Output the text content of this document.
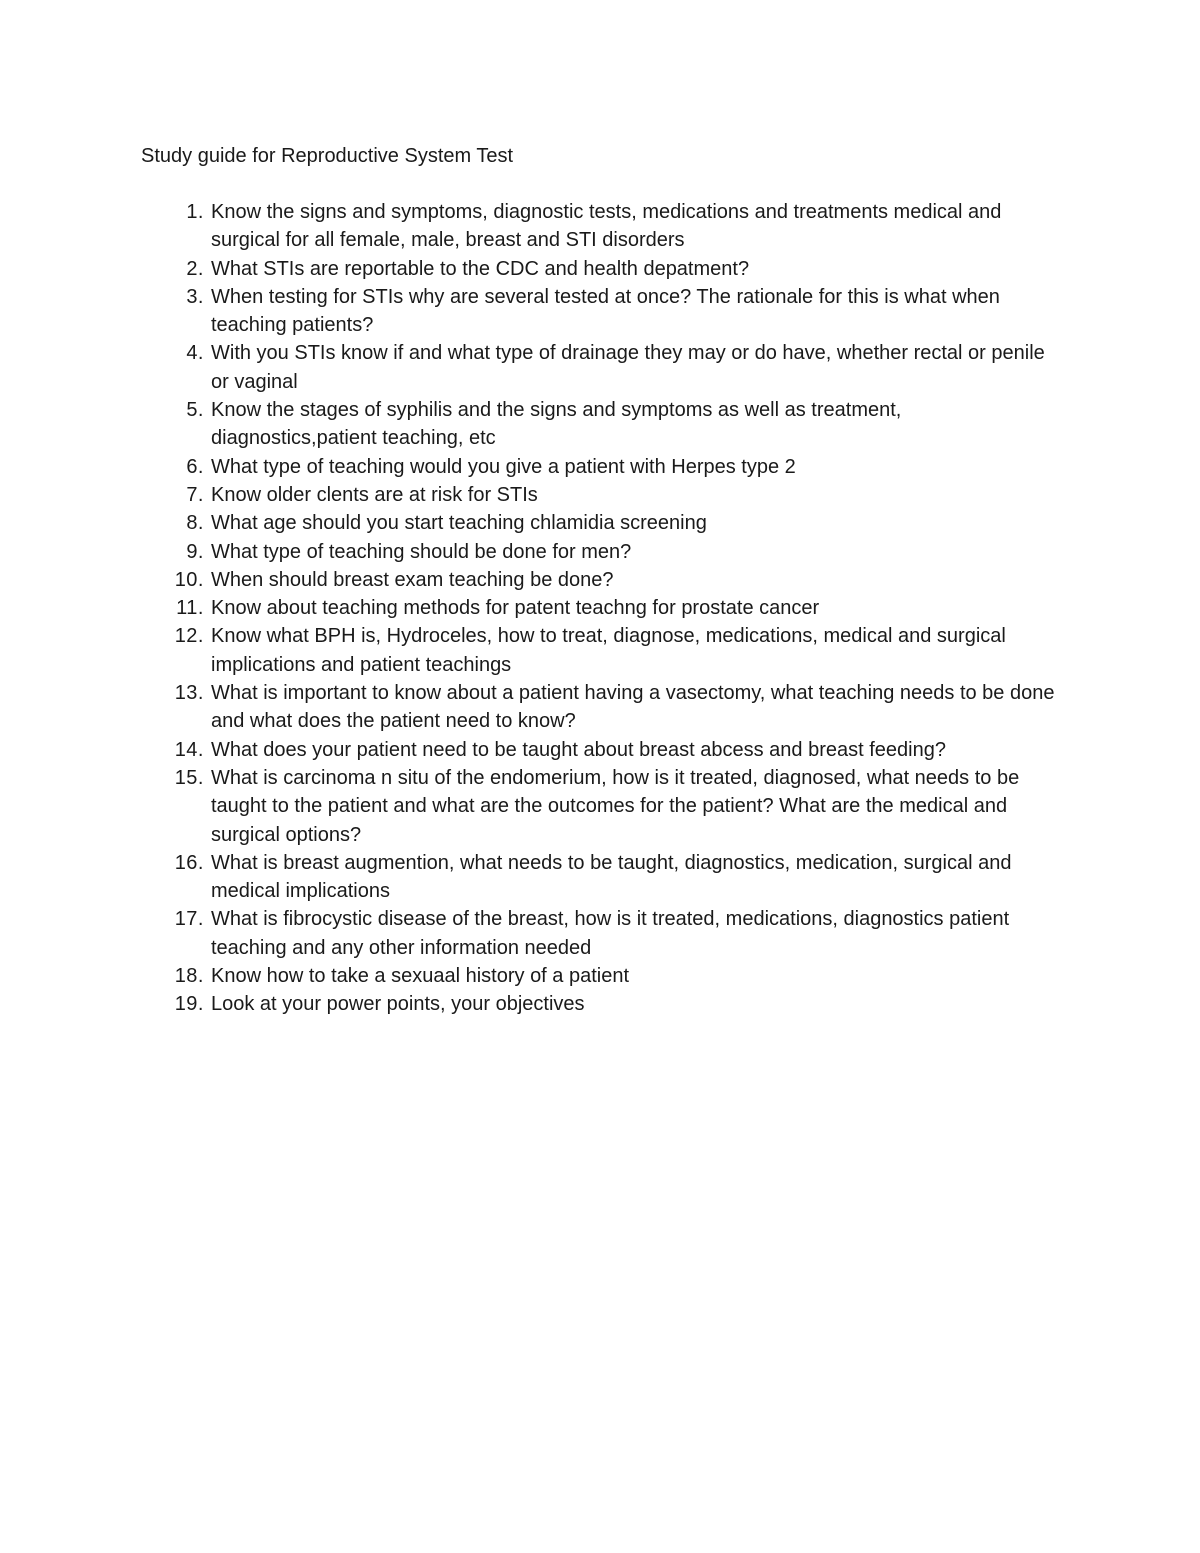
Study guide for Reproductive System Test
1. Know the signs and symptoms, diagnostic tests, medications and treatments medical and surgical for all female, male, breast and STI disorders
2. What STIs are reportable to the CDC and health depatment?
3. When testing for STIs why are several tested at once? The rationale for this is what when teaching patients?
4. With you STIs know if and what type of drainage they may or do have, whether rectal or penile or vaginal
5. Know the stages of syphilis and the signs and symptoms as well as treatment, diagnostics,patient teaching, etc
6. What type of teaching would you give a patient with Herpes type 2
7. Know older clents are at risk for STIs
8. What age should you start teaching chlamidia screening
9. What type of teaching should be done for men?
10. When should breast exam teaching be done?
11. Know about teaching methods for patent teachng for prostate cancer
12. Know what BPH is, Hydroceles, how to treat, diagnose, medications, medical and surgical implications and patient teachings
13. What is important to know about a patient having a vasectomy, what teaching needs to be done and what does the patient need to know?
14. What does your patient need to be taught about breast abcess and breast feeding?
15. What is carcinoma n situ of the endomerium, how is it treated, diagnosed, what needs to be taught to the patient and what are the outcomes for the patient? What are the medical and surgical options?
16. What is breast augmention, what needs to be taught, diagnostics, medication, surgical and medical implications
17. What is fibrocystic disease of the breast, how is it treated, medications, diagnostics patient teaching and any other information needed
18. Know how to take a sexuaal history of a patient
19. Look at your power points, your objectives
